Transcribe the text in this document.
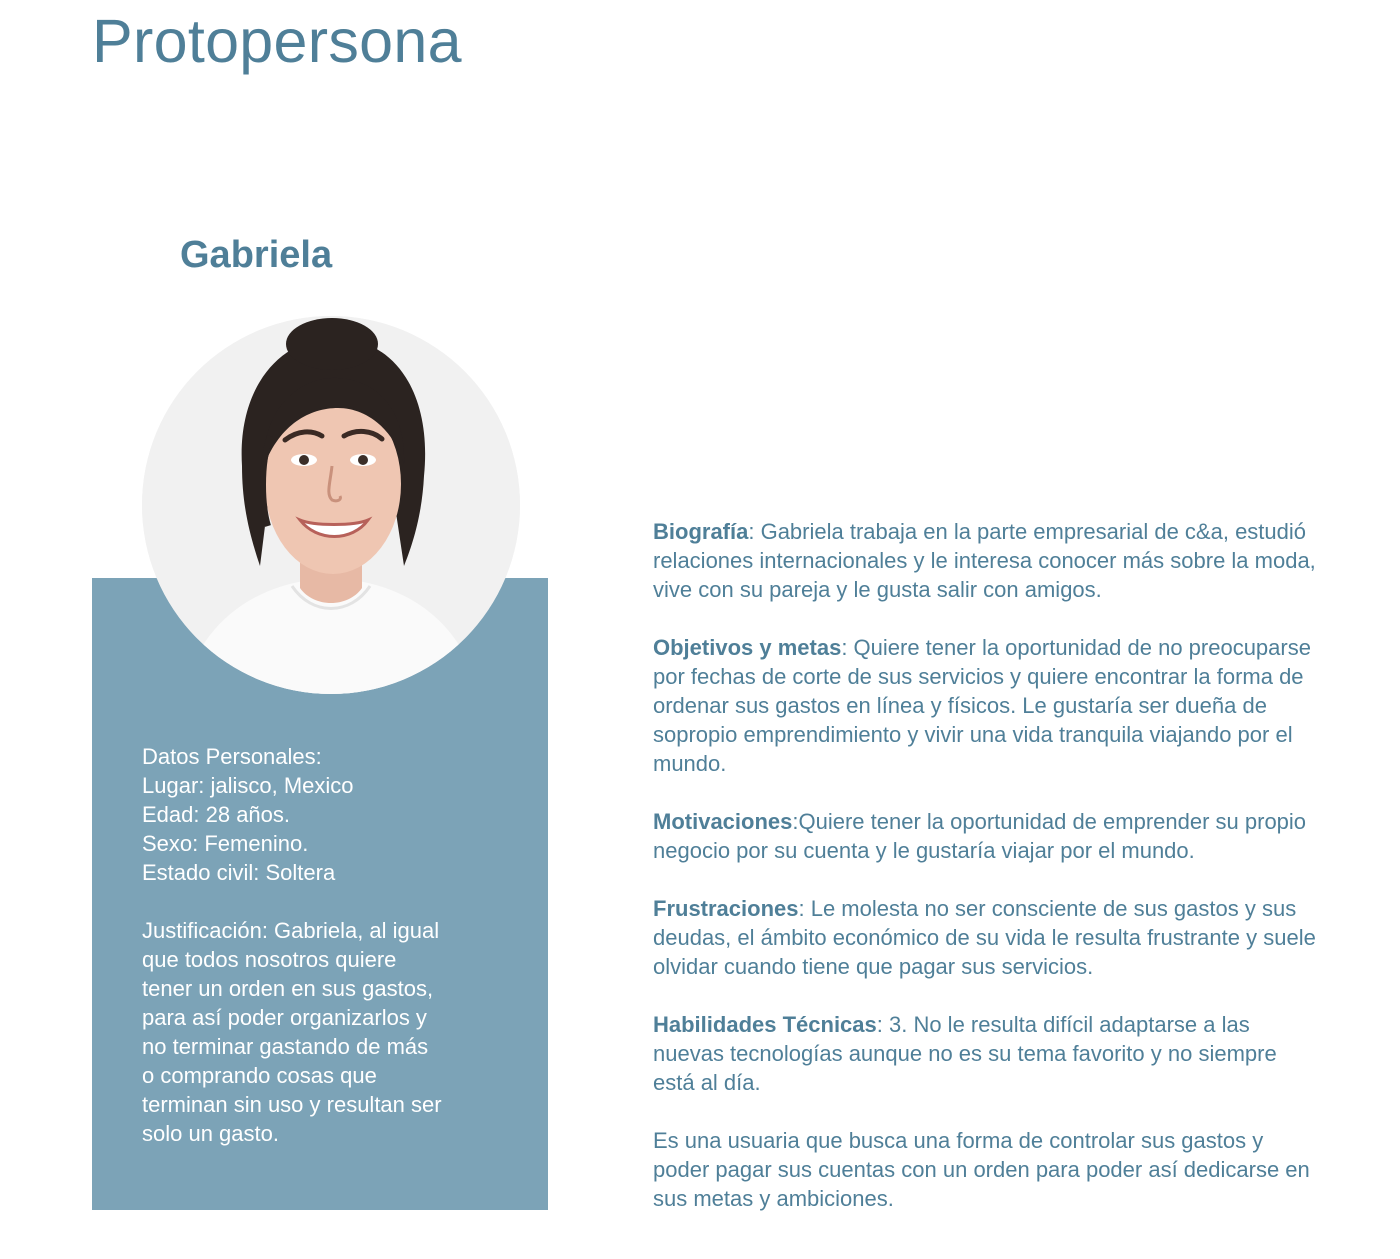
Protopersona
Gabriela

Datos Personales:

Lugar: jalisco, Mexico

Edad: 28 años.

Sexo: Femenino.

Estado civil: Soltera

Justificación: Gabriela, al igual que todos nosotros quiere tener un orden en sus gastos, para así poder organizarlos y no terminar gastando de más o comprando cosas que terminan sin uso y resultan ser solo un gasto.

Biografía: Gabriela trabaja en la parte empresarial de c&a, estudió relaciones internacionales y le interesa conocer más sobre la moda, vive con su pareja y le gusta salir con amigos.

Objetivos y metas: Quiere tener la oportunidad de no preocuparse por fechas de corte de sus servicios y quiere encontrar la forma de ordenar sus gastos en línea y físicos. Le gustaría ser dueña de sopropio emprendimiento y vivir una vida tranquila viajando por el mundo.

Motivaciones:Quiere tener la oportunidad de emprender su propio negocio por su cuenta y le gustaría viajar por el mundo.

Frustraciones: Le molesta no ser consciente de sus gastos y sus deudas, el ámbito económico de su vida le resulta frustrante y suele olvidar cuando tiene que pagar sus servicios.

Habilidades Técnicas: 3. No le resulta difícil adaptarse a las nuevas tecnologías aunque no es su tema favorito y no siempre está al día.

Es una usuaria que busca una forma de controlar sus gastos y poder pagar sus cuentas con un orden para poder así dedicarse en sus metas y ambiciones.
